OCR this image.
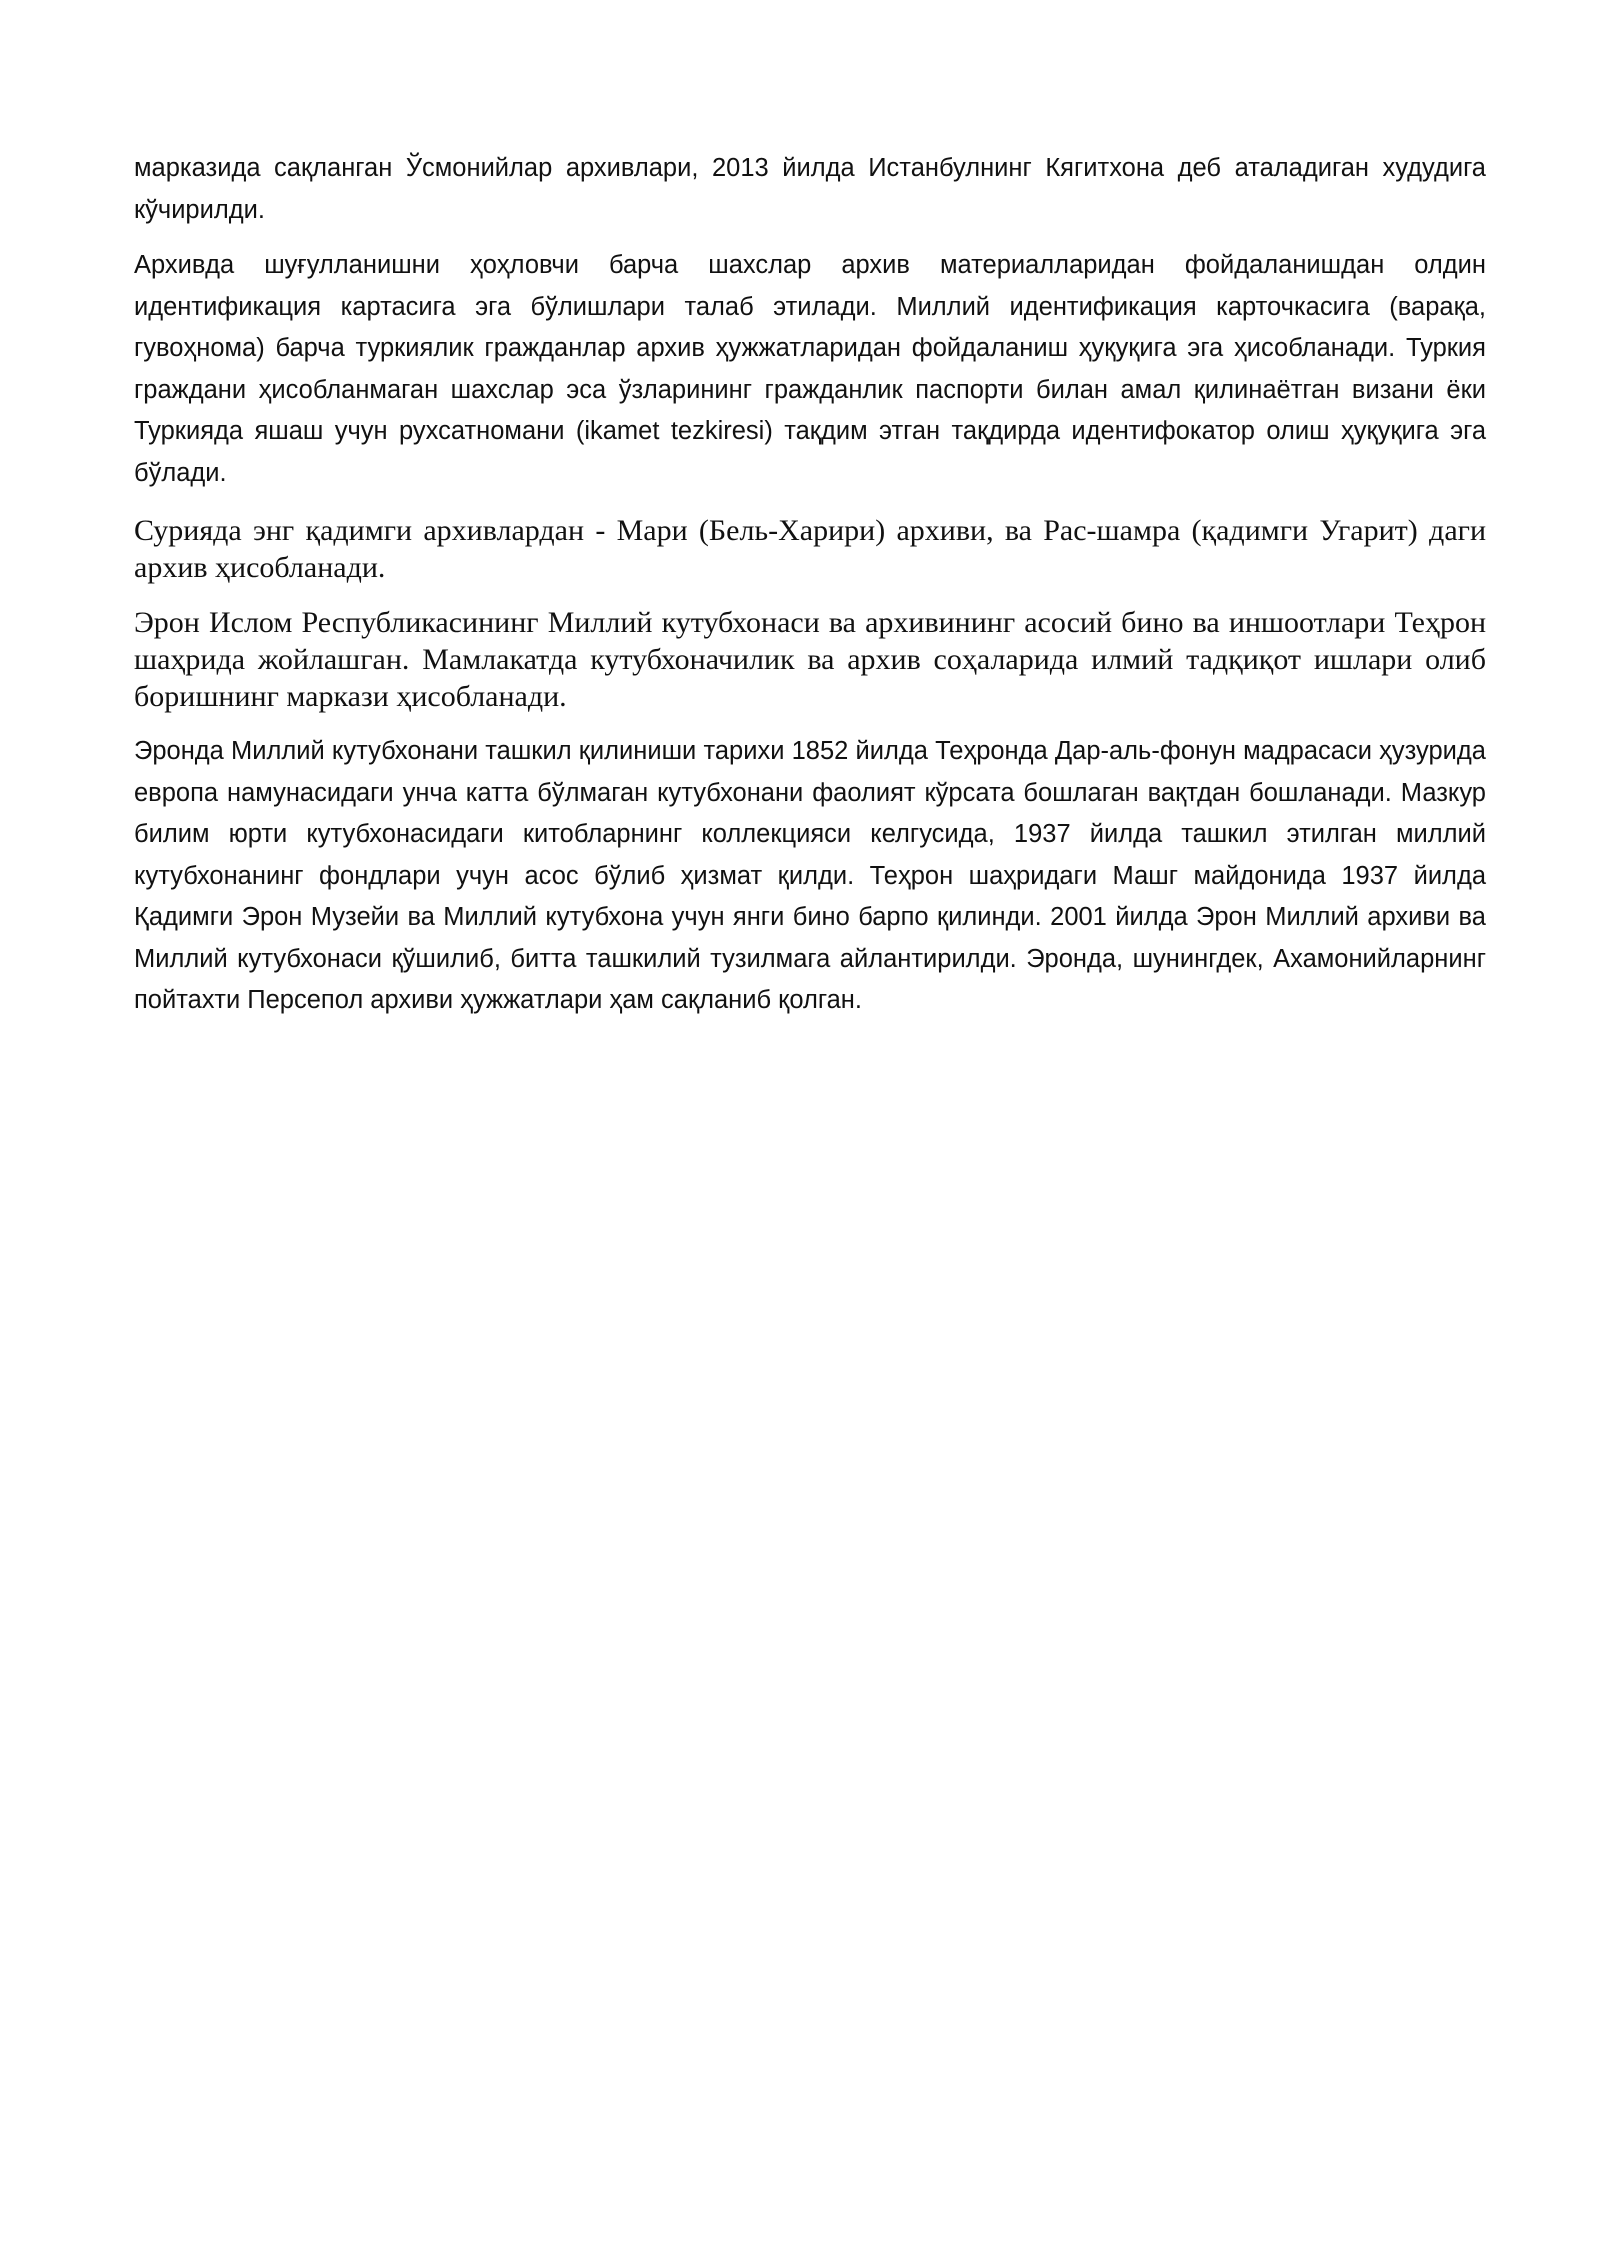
марказида сақланган Ўсмонийлар архивлари, 2013 йилда Истанбулнинг Кягитхона деб аталадиган худудига кўчирилди.

Архивда шуғулланишни ҳоҳловчи барча шахслар архив материалларидан фойдаланишдан олдин идентификация картасига эга бўлишлари талаб этилади. Миллий идентификация карточкасига (варақа, гувоҳнома) барча туркиялик гражданлар архив ҳужжатларидан фойдаланиш ҳуқуқига эга ҳисобланади. Туркия граждани ҳисобланмаган шахслар эса ўзларининг гражданлик паспорти билан амал қилинаётган визани ёки Туркияда яшаш учун рухсатномани (ikamet tezkiresi) тақдим этган тақдирда идентифокатор олиш ҳуқуқига эга бўлади.

Сурияда энг қадимги архивлардан - Мари (Бель-Харири) архиви, ва Рас-шамра (қадимги Угарит) даги архив ҳисобланади.

Эрон Ислом Республикасининг Миллий кутубхонаси ва архивининг асосий бино ва иншоотлари Теҳрон шаҳрида жойлашган. Мамлакатда кутубхоначилик ва архив соҳаларида илмий тадқиқот ишлари олиб боришнинг маркази ҳисобланади.

Эронда Миллий кутубхонани ташкил қилиниши тарихи 1852 йилда Теҳронда Дар-аль-фонун мадрасаси ҳузурида европа намунасидаги унча катта бўлмаган кутубхонани фаолият кўрсата бошлаган вақтдан бошланади. Мазкур билим юрти кутубхонасидаги китобларнинг коллекцияси келгусида, 1937 йилда ташкил этилган миллий кутубхонанинг фондлари учун асос бўлиб ҳизмат қилди. Теҳрон шаҳридаги Машг майдонида 1937 йилда Қадимги Эрон Музейи ва Миллий кутубхона учун янги бино барпо қилинди. 2001 йилда Эрон Миллий архиви ва Миллий кутубхонаси қўшилиб, битта ташкилий тузилмага айлантирилди. Эронда, шунингдек, Ахамонийларнинг пойтахти Персепол архиви ҳужжатлари ҳам сақланиб қолган.
